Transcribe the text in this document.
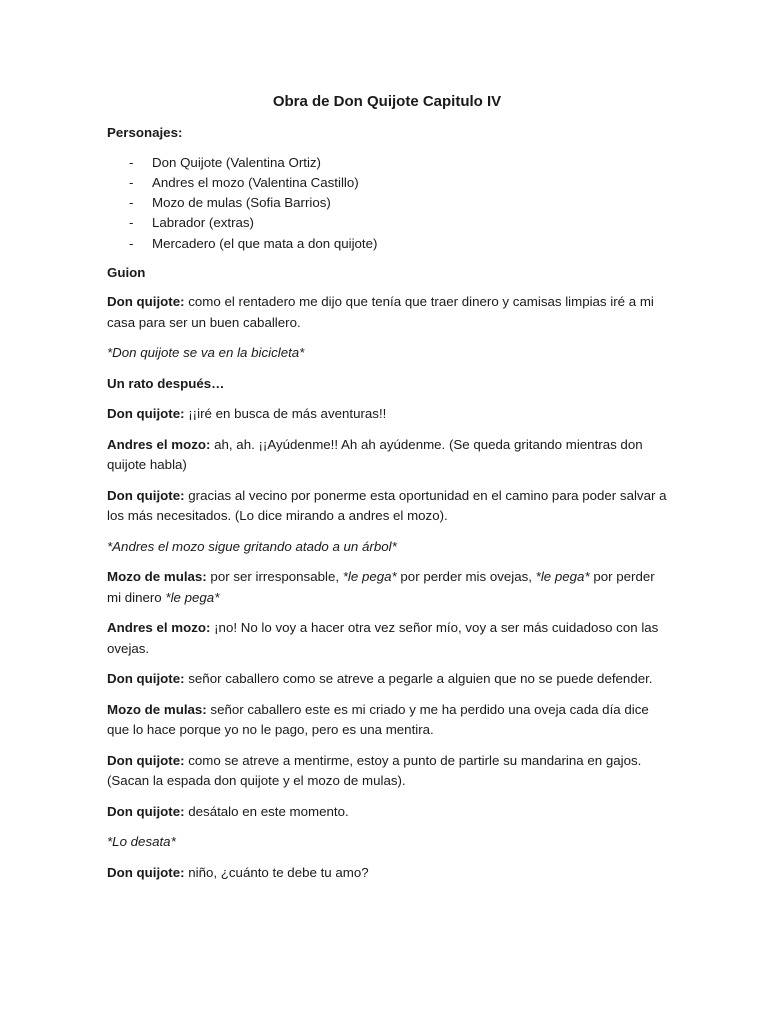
Obra de Don Quijote Capitulo IV
Personajes:
- Don Quijote (Valentina Ortiz)
- Andres el mozo (Valentina Castillo)
- Mozo de mulas (Sofia Barrios)
- Labrador (extras)
- Mercadero (el que mata a don quijote)
Guion
Don quijote: como el rentadero me dijo que tenía que traer dinero y camisas limpias iré a mi casa para ser un buen caballero.
*Don quijote se va en la bicicleta*
Un rato después…
Don quijote: ¡¡iré en busca de más aventuras!!
Andres el mozo: ah, ah. ¡¡Ayúdenme!! Ah ah ayúdenme. (Se queda gritando mientras don quijote habla)
Don quijote: gracias al vecino por ponerme esta oportunidad en el camino para poder salvar a los más necesitados. (Lo dice mirando a andres el mozo).
*Andres el mozo sigue gritando atado a un árbol*
Mozo de mulas: por ser irresponsable, *le pega* por perder mis ovejas, *le pega* por perder mi dinero *le pega*
Andres el mozo: ¡no! No lo voy a hacer otra vez señor mío, voy a ser más cuidadoso con las ovejas.
Don quijote: señor caballero como se atreve a pegarle a alguien que no se puede defender.
Mozo de mulas: señor caballero este es mi criado y me ha perdido una oveja cada día dice que lo hace porque yo no le pago, pero es una mentira.
Don quijote: como se atreve a mentirme, estoy a punto de partirle su mandarina en gajos. (Sacan la espada don quijote y el mozo de mulas).
Don quijote: desátalo en este momento.
*Lo desata*
Don quijote: niño, ¿cuánto te debe tu amo?
